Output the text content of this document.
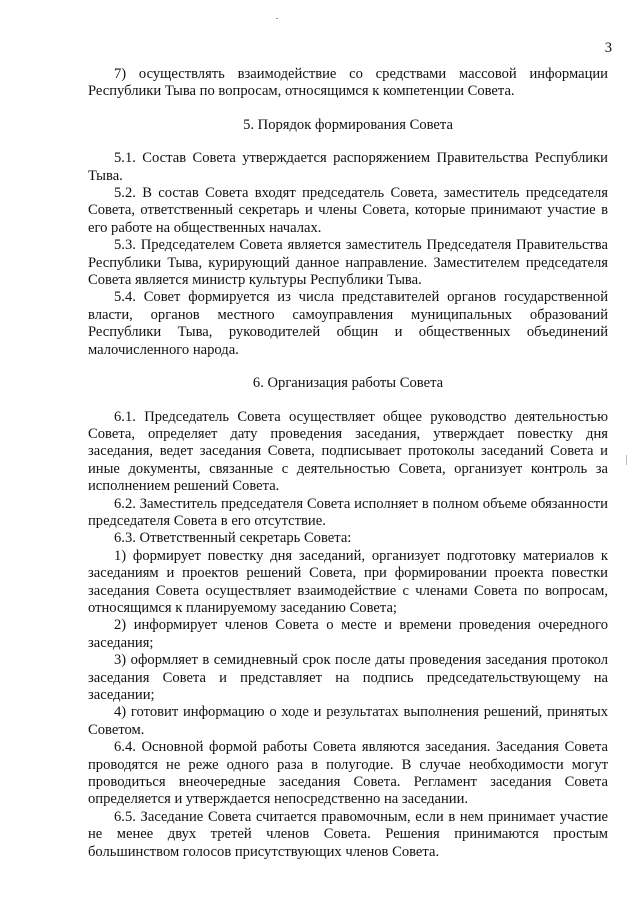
3

7) осуществлять взаимодействие со средствами массовой информации Республики Тыва по вопросам, относящимся к компетенции Совета.

5. Порядок формирования Совета

5.1. Состав Совета утверждается распоряжением Правительства Республики Тыва.

5.2. В состав Совета входят председатель Совета, заместитель председателя Совета, ответственный секретарь и члены Совета, которые принимают участие в его работе на общественных началах.

5.3. Председателем Совета является заместитель Председателя Правительства Республики Тыва, курирующий данное направление. Заместителем председателя Совета является министр культуры Республики Тыва.

5.4. Совет формируется из числа представителей органов государственной власти, органов местного самоуправления муниципальных образований Республики Тыва, руководителей общин и общественных объединений малочисленного народа.

6. Организация работы Совета

6.1. Председатель Совета осуществляет общее руководство деятельностью Совета, определяет дату проведения заседания, утверждает повестку дня заседания, ведет заседания Совета, подписывает протоколы заседаний Совета и иные документы, связанные с деятельностью Совета, организует контроль за исполнением решений Совета.

6.2. Заместитель председателя Совета исполняет в полном объеме обязанности председателя Совета в его отсутствие.

6.3. Ответственный секретарь Совета:

1) формирует повестку дня заседаний, организует подготовку материалов к заседаниям и проектов решений Совета, при формировании проекта повестки заседания Совета осуществляет взаимодействие с членами Совета по вопросам, относящимся к планируемому заседанию Совета;

2) информирует членов Совета о месте и времени проведения очередного заседания;

3) оформляет в семидневный срок после даты проведения заседания протокол заседания Совета и представляет на подпись председательствующему на заседании;

4) готовит информацию о ходе и результатах выполнения решений, принятых Советом.

6.4. Основной формой работы Совета являются заседания. Заседания Совета проводятся не реже одного раза в полугодие. В случае необходимости могут проводиться внеочередные заседания Совета. Регламент заседания Совета определяется и утверждается непосредственно на заседании.

6.5. Заседание Совета считается правомочным, если в нем принимает участие не менее двух третей членов Совета. Решения принимаются простым большинством голосов присутствующих членов Совета.
